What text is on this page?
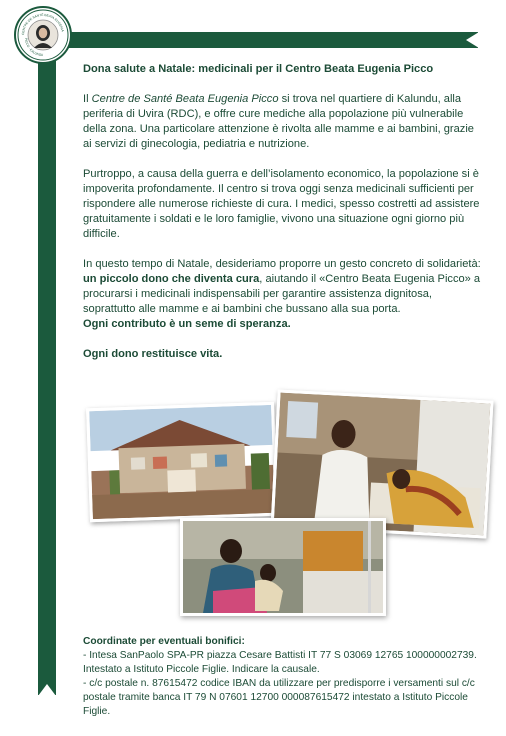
CENTRE DE SANTÉ BEATA EUGENIA
PICCO · KALUNDU

Dona salute a Natale: medicinali per il Centro Beata Eugenia Picco

Il Centre de Santé Beata Eugenia Picco si trova nel quartiere di Kalundu, alla periferia di Uvira (RDC), e offre cure mediche alla popolazione più vulnerabile della zona. Una particolare attenzione è rivolta alle mamme e ai bambini, grazie ai servizi di ginecologia, pediatria e nutrizione.

Purtroppo, a causa della guerra e dell’isolamento economico, la popolazione si è impoverita profondamente. Il centro si trova oggi senza medicinali sufficienti per rispondere alle numerose richieste di cura. I medici, spesso costretti ad assistere gratuitamente i soldati e le loro famiglie, vivono una situazione ogni giorno più difficile.

In questo tempo di Natale, desideriamo proporre un gesto concreto di solidarietà: un piccolo dono che diventa cura, aiutando il «Centro Beata Eugenia Picco» a procurarsi i medicinali indispensabili per garantire assistenza dignitosa, soprattutto alle mamme e ai bambini che bussano alla sua porta.

Ogni contributo è un seme di speranza.

Ogni dono restituisce vita.

Coordinate per eventuali bonifici:

- Intesa SanPaolo SPA-PR piazza Cesare Battisti IT 77 S 03069 12765 100000002739. Intestato a Istituto Piccole Figlie. Indicare la causale.

- c/c postale n. 87615472 codice IBAN da utilizzare per predisporre i versamenti sul c/c postale tramite banca IT 79 N 07601 12700 000087615472 intestato a Istituto Piccole Figlie.
